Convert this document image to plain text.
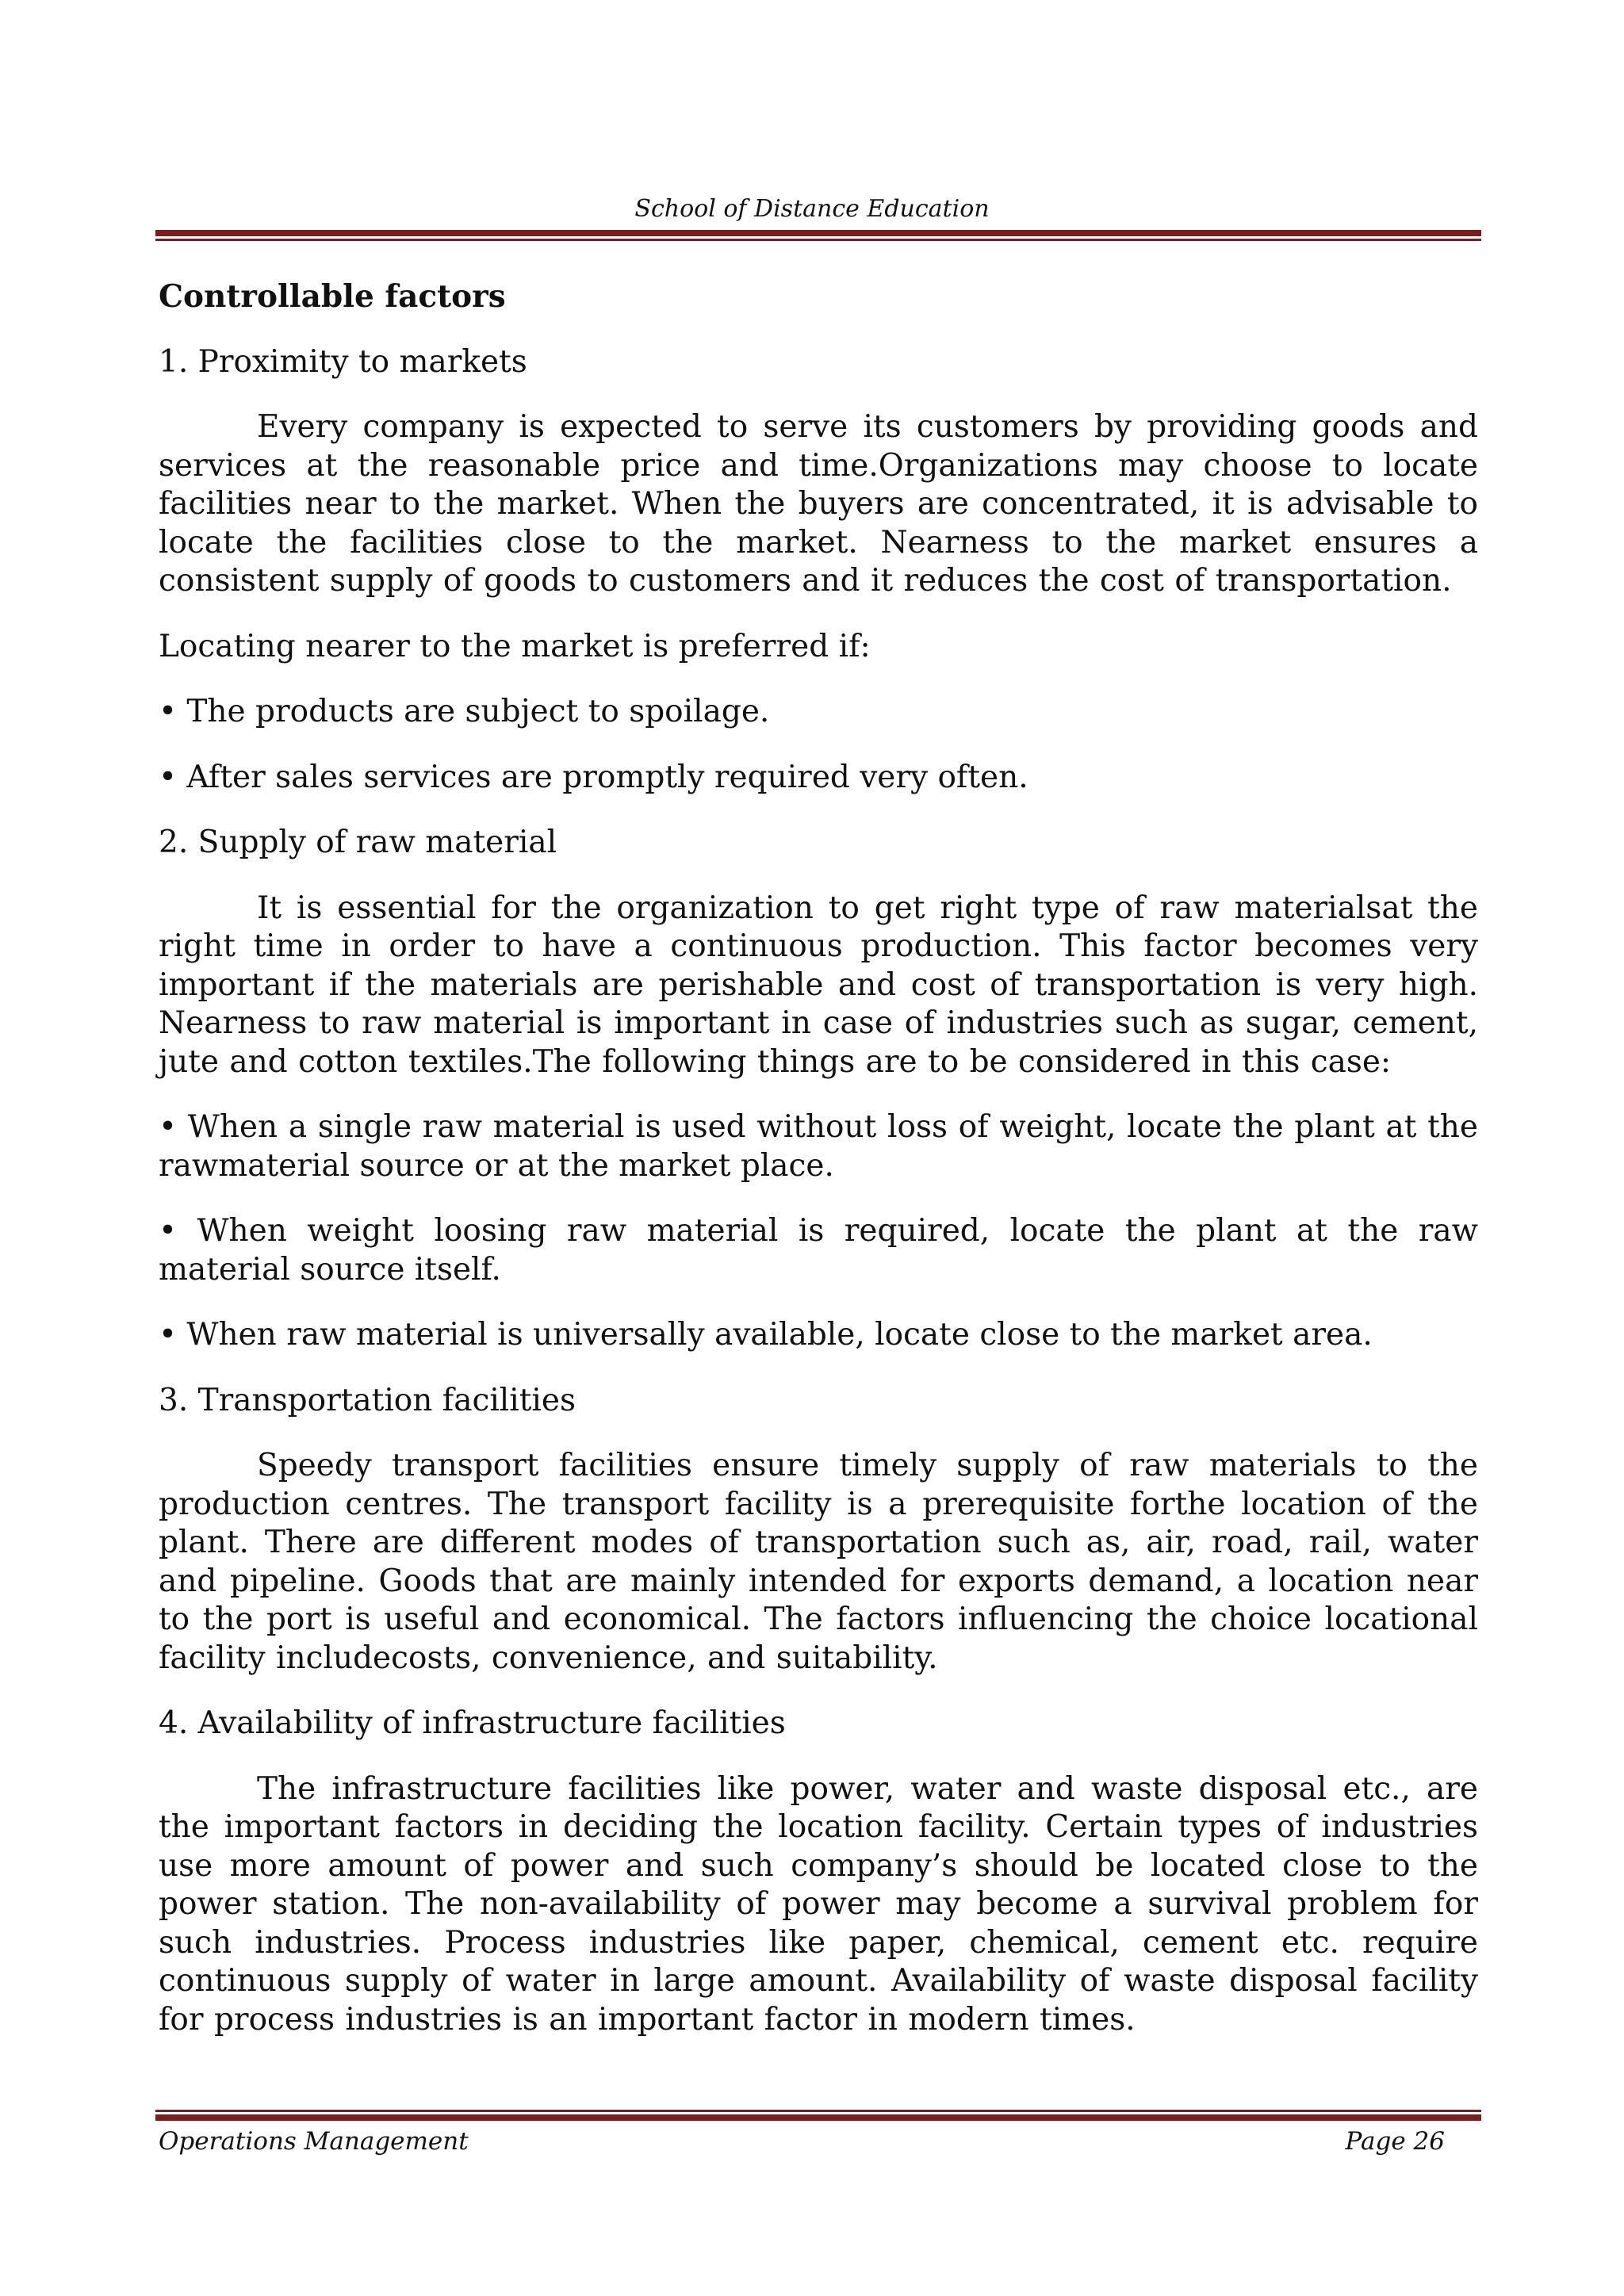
School of Distance Education

Controllable factors

1. Proximity to markets

Every company is expected to serve its customers by providing goods and services at the reasonable price and time.Organizations may choose to locate facilities near to the market. When the buyers are concentrated, it is advisable to locate the facilities close to the market. Nearness to the market ensures a consistent supply of goods to customers and it reduces the cost of transportation.

Locating nearer to the market is preferred if:

• The products are subject to spoilage.

• After sales services are promptly required very often.

2. Supply of raw material

It is essential for the organization to get right type of raw materialsat the right time in order to have a continuous production. This factor becomes very important if the materials are perishable and cost of transportation is very high. Nearness to raw material is important in case of industries such as sugar, cement, jute and cotton textiles.The following things are to be considered in this case:

• When a single raw material is used without loss of weight, locate the plant at the rawmaterial source or at the market place.

• When weight loosing raw material is required, locate the plant at the raw material source itself.

• When raw material is universally available, locate close to the market area.

3. Transportation facilities

Speedy transport facilities ensure timely supply of raw materials to the production centres. The transport facility is a prerequisite forthe location of the plant. There are different modes of transportation such as, air, road, rail, water and pipeline. Goods that are mainly intended for exports demand, a location near to the port is useful and economical. The factors influencing the choice locational facility includecosts, convenience, and suitability.

4. Availability of infrastructure facilities

The infrastructure facilities like power, water and waste disposal etc., are the important factors in deciding the location facility. Certain types of industries use more amount of power and such company’s should be located close to the power station. The non-availability of power may become a survival problem for such industries. Process industries like paper, chemical, cement etc. require continuous supply of water in large amount. Availability of waste disposal facility for process industries is an important factor in modern times.

Operations Management	Page 26
